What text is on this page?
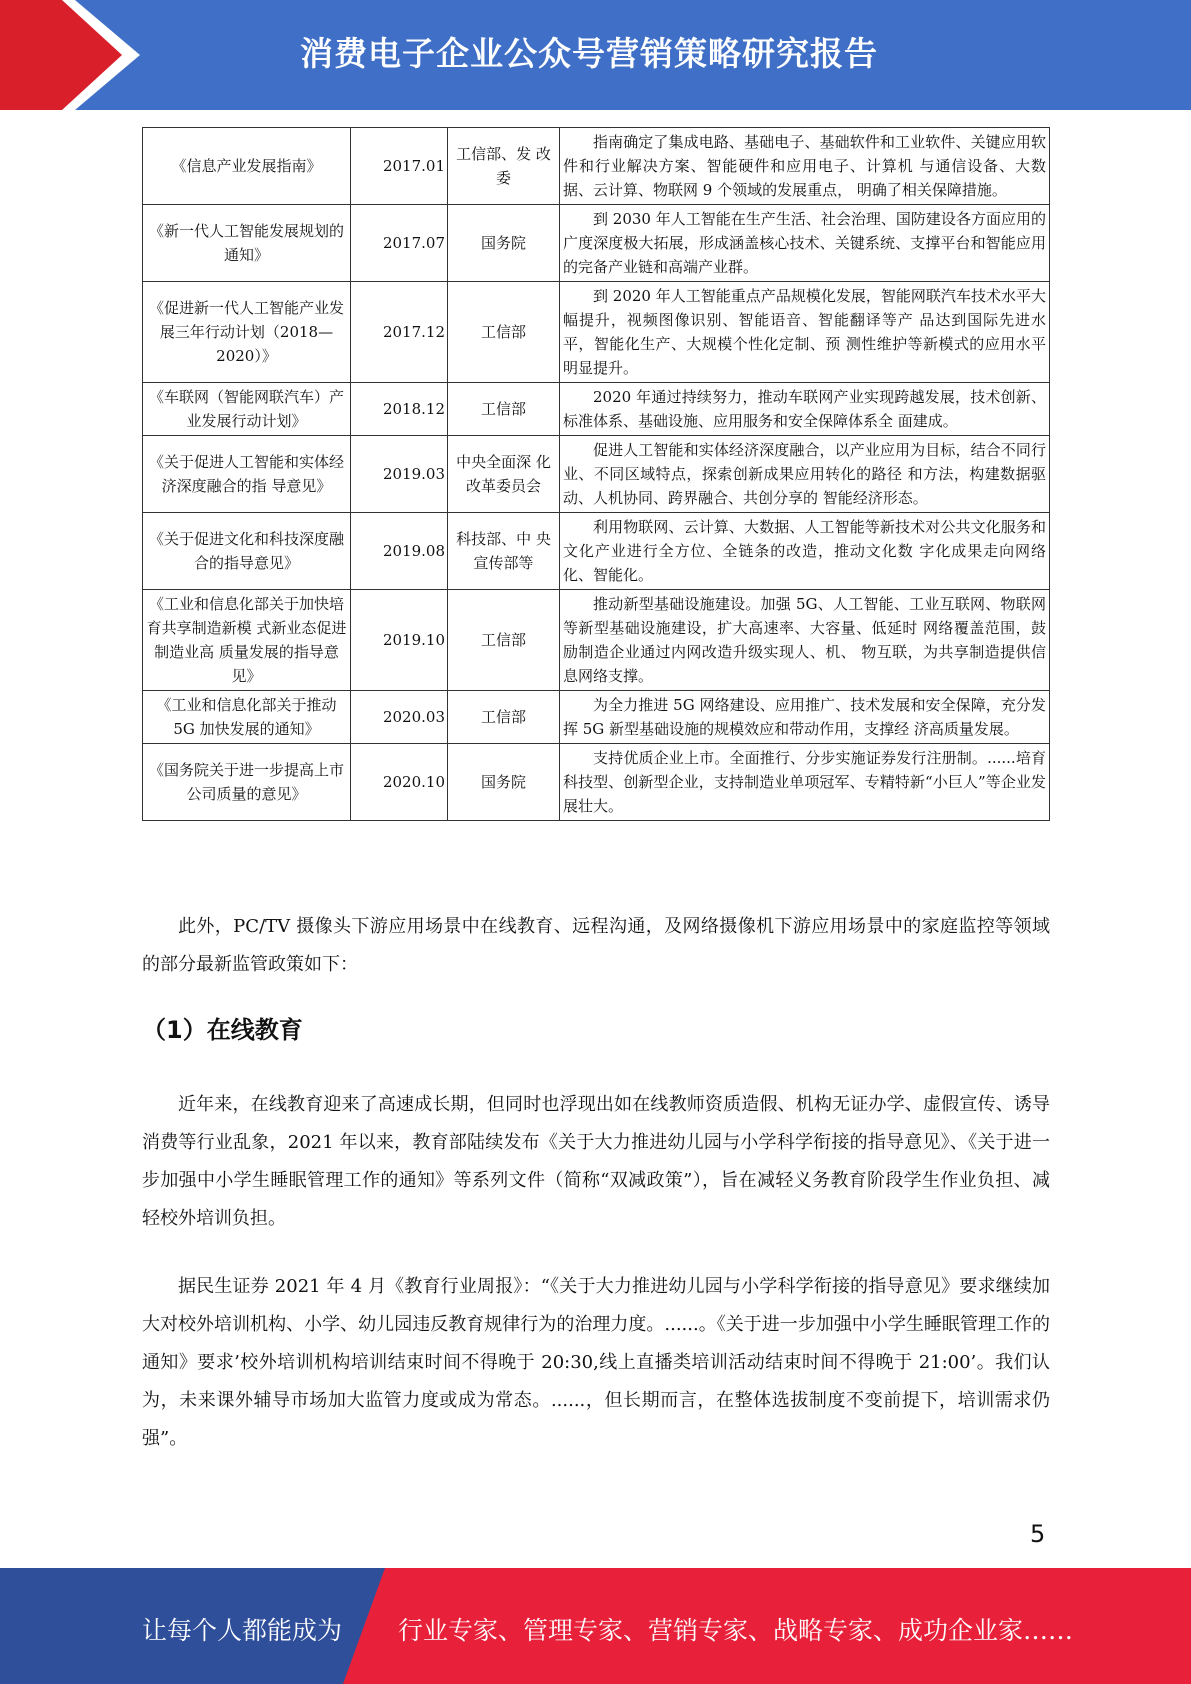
消费电子企业公众号营销策略研究报告
《信息产业发展指南》	2017.01	工信部、发 改委	指南确定了集成电路、基础电子、基础软件和工业软件、关键应用软件和行业解决方案、智能硬件和应用电子、计算机 与通信设备、大数据、云计算、物联网 9 个领域的发展重点， 明确了相关保障措施。
《新一代人工智能发展规划的通知》	2017.07	国务院	到 2030 年人工智能在生产生活、社会治理、国防建设各方面应用的广度深度极大拓展，形成涵盖核心技术、关键系统、支撑平台和智能应用的完备产业链和高端产业群。
《促进新一代人工智能产业发展三年行动计划（2018—2020）》	2017.12	工信部	到 2020 年人工智能重点产品规模化发展，智能网联汽车技术水平大幅提升，视频图像识别、智能语音、智能翻译等产 品达到国际先进水平，智能化生产、大规模个性化定制、预 测性维护等新模式的应用水平明显提升。
《车联网（智能网联汽车）产业发展行动计划》	2018.12	工信部	2020 年通过持续努力，推动车联网产业实现跨越发展，技术创新、标准体系、基础设施、应用服务和安全保障体系全 面建成。
《关于促进人工智能和实体经济深度融合的指 导意见》	2019.03	中央全面深 化改革委员会	促进人工智能和实体经济深度融合，以产业应用为目标，结合不同行业、不同区域特点，探索创新成果应用转化的路径 和方法，构建数据驱动、人机协同、跨界融合、共创分享的 智能经济形态。
《关于促进文化和科技深度融合的指导意见》	2019.08	科技部、中 央宣传部等	利用物联网、云计算、大数据、人工智能等新技术对公共文化服务和文化产业进行全方位、全链条的改造，推动文化数 字化成果走向网络化、智能化。
《工业和信息化部关于加快培育共享制造新模 式新业态促进制造业高 质量发展的指导意见》	2019.10	工信部	推动新型基础设施建设。加强 5G、人工智能、工业互联网、物联网等新型基础设施建设，扩大高速率、大容量、低延时 网络覆盖范围，鼓励制造企业通过内网改造升级实现人、机、 物互联，为共享制造提供信息网络支撑。
《工业和信息化部关于推动 5G 加快发展的通知》	2020.03	工信部	为全力推进 5G 网络建设、应用推广、技术发展和安全保障，充分发挥 5G 新型基础设施的规模效应和带动作用，支撑经 济高质量发展。
《国务院关于进一步提高上市公司质量的意见》	2020.10	国务院	支持优质企业上市。全面推行、分步实施证券发行注册制。......培育科技型、创新型企业，支持制造业单项冠军、专精特新“小巨人”等企业发展壮大。
此外，PC/TV 摄像头下游应用场景中在线教育、远程沟通，及网络摄像机下游应用场景中的家庭监控等领域的部分最新监管政策如下：
（1）在线教育
近年来，在线教育迎来了高速成长期，但同时也浮现出如在线教师资质造假、机构无证办学、虚假宣传、诱导消费等行业乱象，2021 年以来，教育部陆续发布《关于大力推进幼儿园与小学科学衔接的指导意见》、《关于进一步加强中小学生睡眠管理工作的通知》等系列文件（简称“双减政策”），旨在减轻义务教育阶段学生作业负担、减轻校外培训负担。
据民生证券 2021 年 4 月《教育行业周报》：“《关于大力推进幼儿园与小学科学衔接的指导意见》要求继续加大对校外培训机构、小学、幼儿园违反教育规律行为的治理力度。......。《关于进一步加强中小学生睡眠管理工作的通知》要求’校外培训机构培训结束时间不得晚于 20:30,线上直播类培训活动结束时间不得晚于 21:00’。我们认为，未来课外辅导市场加大监管力度或成为常态。......，但长期而言，在整体选拔制度不变前提下，培训需求仍强”。
5
让每个人都能成为 行业专家、管理专家、营销专家、战略专家、成功企业家……
